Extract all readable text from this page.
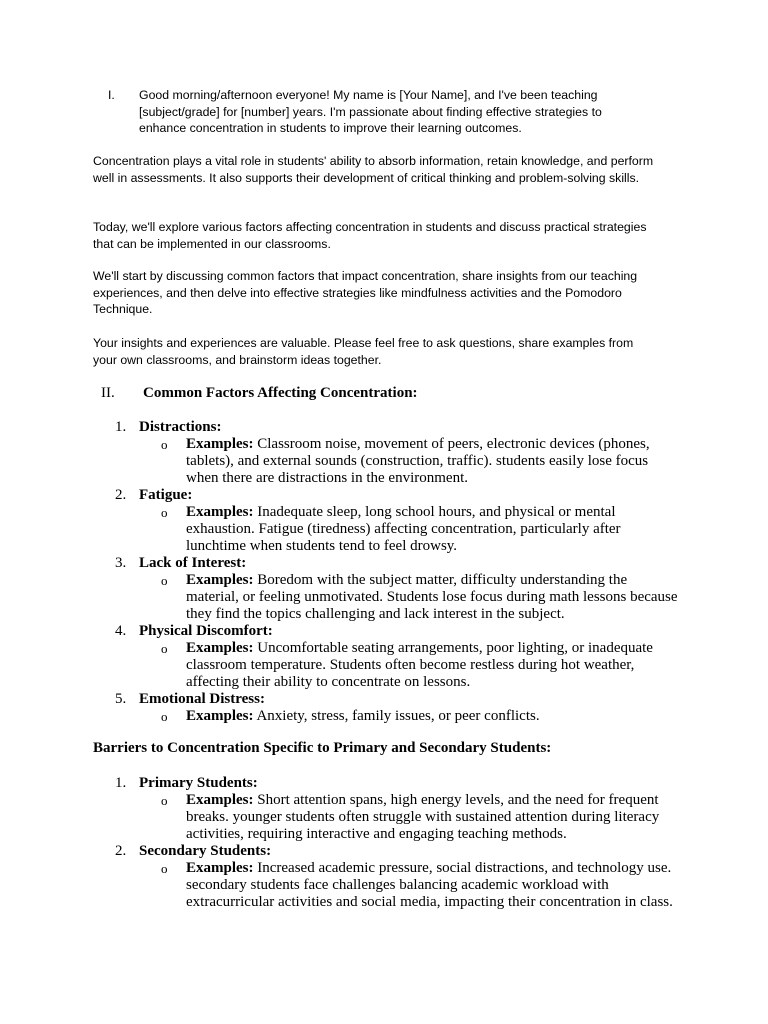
I.	Good morning/afternoon everyone! My name is [Your Name], and I've been teaching [subject/grade] for [number] years. I'm passionate about finding effective strategies to enhance concentration in students to improve their learning outcomes.

Concentration plays a vital role in students' ability to absorb information, retain knowledge, and perform well in assessments. It also supports their development of critical thinking and problem-solving skills.

Today, we'll explore various factors affecting concentration in students and discuss practical strategies that can be implemented in our classrooms.

We'll start by discussing common factors that impact concentration, share insights from our teaching experiences, and then delve into effective strategies like mindfulness activities and the Pomodoro Technique.

Your insights and experiences are valuable. Please feel free to ask questions, share examples from your own classrooms, and brainstorm ideas together.

II.	Common Factors Affecting Concentration:
1. Distractions:
o Examples: Classroom noise, movement of peers, electronic devices (phones, tablets), and external sounds (construction, traffic). students easily lose focus when there are distractions in the environment.
2. Fatigue:
o Examples: Inadequate sleep, long school hours, and physical or mental exhaustion. Fatigue (tiredness) affecting concentration, particularly after lunchtime when students tend to feel drowsy.
3. Lack of Interest:
o Examples: Boredom with the subject matter, difficulty understanding the material, or feeling unmotivated. Students lose focus during math lessons because they find the topics challenging and lack interest in the subject.
4. Physical Discomfort:
o Examples: Uncomfortable seating arrangements, poor lighting, or inadequate classroom temperature. Students often become restless during hot weather, affecting their ability to concentrate on lessons.
5. Emotional Distress:
o Examples: Anxiety, stress, family issues, or peer conflicts.
Barriers to Concentration Specific to Primary and Secondary Students:
1. Primary Students:
o Examples: Short attention spans, high energy levels, and the need for frequent breaks. younger students often struggle with sustained attention during literacy activities, requiring interactive and engaging teaching methods.
2. Secondary Students:
o Examples: Increased academic pressure, social distractions, and technology use. secondary students face challenges balancing academic workload with extracurricular activities and social media, impacting their concentration in class.
